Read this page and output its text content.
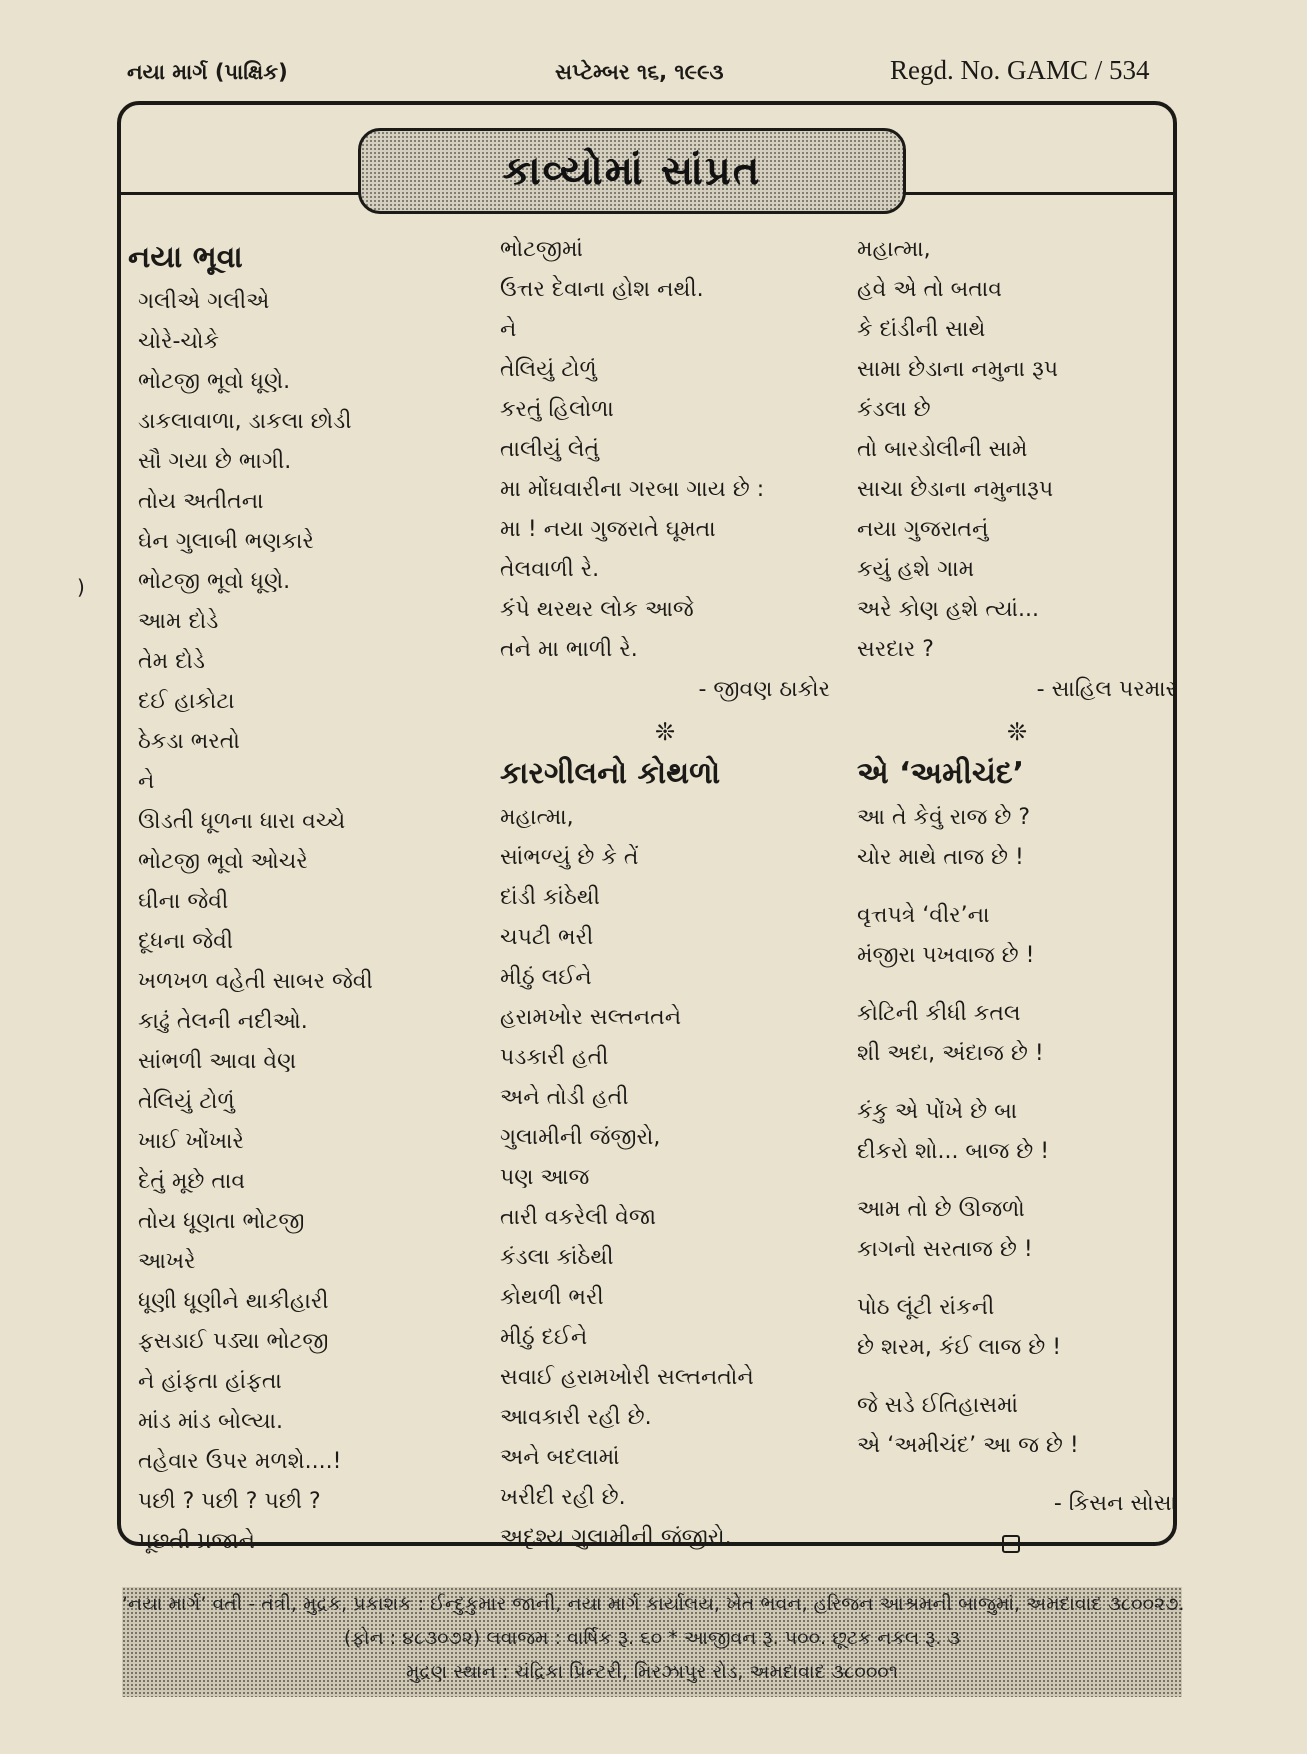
નયા માર્ગ (પાક્ષિક)	સપ્ટેમ્બર ૧૬, ૧૯૯૩	Regd. No. GAMC / 534
)
કાવ્યોમાં સાંપ્રત
નયા ભૂવા
ગલીએ ગલીએ
ચોરે-ચોકે
ભોટજી ભૂવો ધૂણે.
ડાકલાવાળા, ડાકલા છોડી
સૌ ગયા છે ભાગી.
તોય અતીતના
ઘેન ગુલાબી ભણકારે
ભોટજી ભૂવો ધૂણે.
આમ દોડે
તેમ દોડે
દઈ હાકોટા
ઠેકડા ભરતો
ને
ઊડતી ધૂળના ધારા વચ્ચે
ભોટજી ભૂવો ઓચરે
ઘીના જેવી
દૂધના જેવી
ખળખળ વહેતી સાબર જેવી
કાઢું તેલની નદીઓ.
સાંભળી આવા વેણ
તેલિયું ટોળું
ખાઈ ખોંખારે
દેતું મૂછે તાવ
તોય ધૂણતા ભોટજી
આખરે
ધૂણી ધૂણીને થાકીહારી
ફસડાઈ પડ્યા ભોટજી
ને હાંફતા હાંફતા
માંડ માંડ બોલ્યા.
તહેવાર ઉપર મળશે....!
પછી ? પછી ? પછી ?
પૂછતી પ્રજાને
ભોટજીમાં
ઉત્તર દેવાના હોશ નથી.
ને
તેલિયું ટોળું
કરતું હિલોળા
તાલીયું લેતું
મા મોંઘવારીના ગરબા ગાય છે :
મા ! નયા ગુજરાતે ઘૂમતા
તેલવાળી રે.
કંપે થરથર લોક આજે
તને મા ભાળી રે.
- જીવણ ઠાકોર
❊
કારગીલનો કોથળો
મહાત્મા,
સાંભળ્યું છે કે તેં
દાંડી કાંઠેથી
ચપટી ભરી
મીઠું લઈને
હરામખોર સલ્તનતને
પડકારી હતી
અને તોડી હતી
ગુલામીની જંજીરો,
પણ આજ
તારી વકરેલી વેજા
કંડલા કાંઠેથી
કોથળી ભરી
મીઠું દઈને
સવાઈ હરામખોરી સલ્તનતોને
આવકારી રહી છે.
અને બદલામાં
ખરીદી રહી છે.
અદૃશ્ય ગુલામીની જંજીરો.
મહાત્મા,
હવે એ તો બતાવ
કે દાંડીની સાથે
સામા છેડાના નમુના રૂપ
કંડલા છે
તો બારડોલીની સામે
સાચા છેડાના નમુનારૂપ
નયા ગુજરાતનું
કયું હશે ગામ
અરે કોણ હશે ત્યાં...
સરદાર ?
- સાહિલ પરમાર
❊
એ ‘અમીચંદ’
આ તે કેવું રાજ છે ?
ચોર માથે તાજ છે !
વૃત્તપત્રે ‘વીર’ના
મંજીરા પખવાજ છે !
કોટિની કીધી કતલ
શી અદા, અંદાજ છે !
કંકુ એ પોંખે છે બા
દીકરો શો... બાજ છે !
આમ તો છે ઊજળો
કાગનો સરતાજ છે !
પોઠ લૂંટી રાંકની
છે શરમ, કંઈ લાજ છે !
જે સડે ઈતિહાસમાં
એ ‘અમીચંદ’ આ જ છે !
- કિસન સોસા
‘નયા માર્ગ’ વતી - તંત્રી, મુદ્રક, પ્રકાશક : ઈન્દુકુમાર જાની, નયા માર્ગ કાર્યાલય, ખેત ભવન, હરિજન આશ્રમની બાજુમાં, અમદાવાદ ૩૮૦૦૨૭.
(ફોન : ૪૮૩૦૭૨) લવાજમ : વાર્ષિક રૂ. ૬૦ * આજીવન રૂ. ૫૦૦. છૂટક નકલ રૂ. ૩
મુદ્રણ સ્થાન : ચંદ્રિકા પ્રિન્ટરી, મિરઝાપુર રોડ, અમદાવાદ ૩૮૦૦૦૧
